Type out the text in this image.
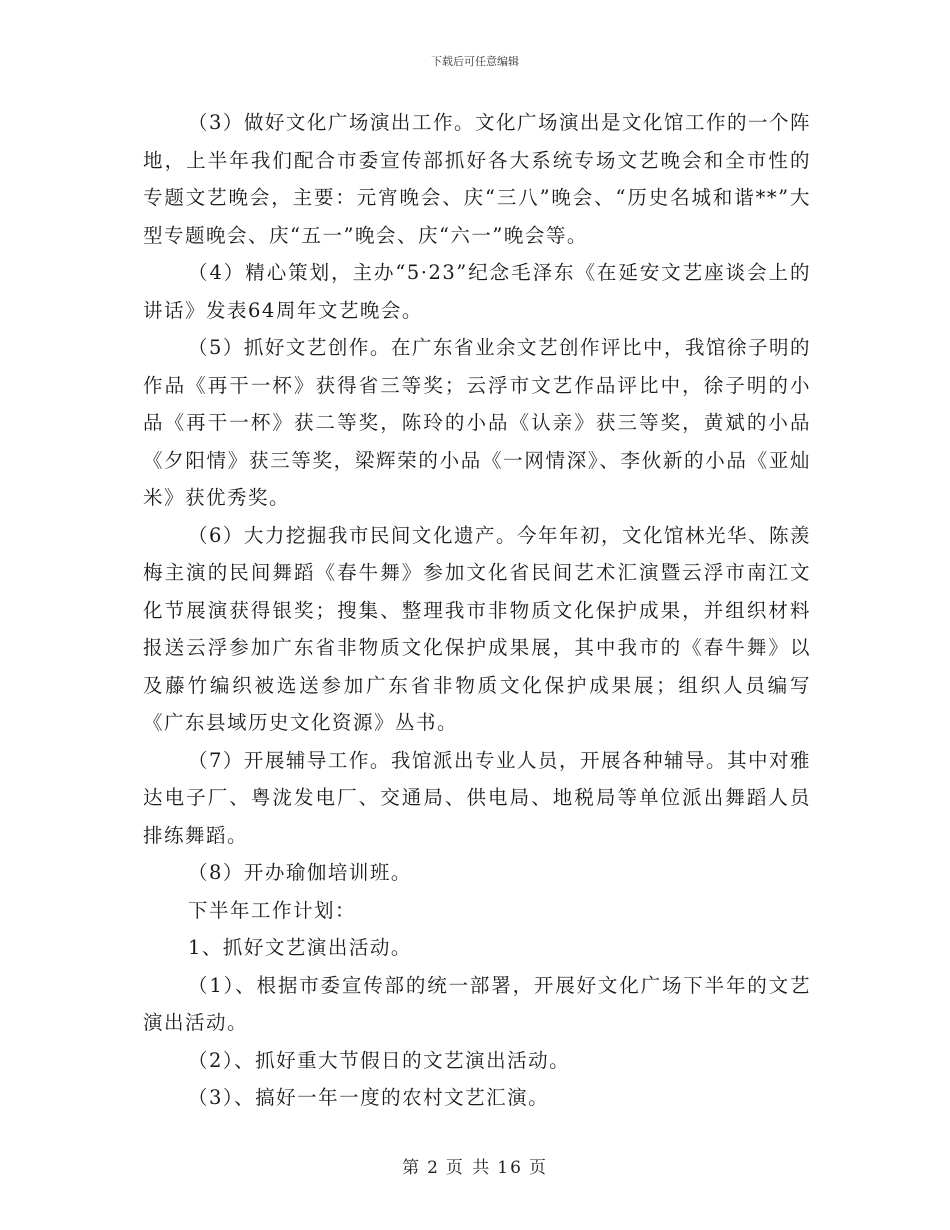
下载后可任意编辑

（3）做好文化广场演出工作。文化广场演出是文化馆工作的一个阵地，上半年我们配合市委宣传部抓好各大系统专场文艺晚会和全市性的专题文艺晚会，主要：元宵晚会、庆“三八”晚会、“历史名城和谐**”大型专题晚会、庆“五一”晚会、庆“六一”晚会等。

（4）精心策划，主办“5·23”纪念毛泽东《在延安文艺座谈会上的讲话》发表64周年文艺晚会。

（5）抓好文艺创作。在广东省业余文艺创作评比中，我馆徐子明的作品《再干一杯》获得省三等奖；云浮市文艺作品评比中，徐子明的小品《再干一杯》获二等奖，陈玲的小品《认亲》获三等奖，黄斌的小品《夕阳情》获三等奖，梁辉荣的小品《一网情深》、李伙新的小品《亚灿米》获优秀奖。

（6）大力挖掘我市民间文化遗产。今年年初，文化馆林光华、陈羡梅主演的民间舞蹈《春牛舞》参加文化省民间艺术汇演暨云浮市南江文化节展演获得银奖；搜集、整理我市非物质文化保护成果，并组织材料报送云浮参加广东省非物质文化保护成果展，其中我市的《春牛舞》以及藤竹编织被选送参加广东省非物质文化保护成果展；组织人员编写《广东县域历史文化资源》丛书。

（7）开展辅导工作。我馆派出专业人员，开展各种辅导。其中对雅达电子厂、粤泷发电厂、交通局、供电局、地税局等单位派出舞蹈人员排练舞蹈。

（8）开办瑜伽培训班。

下半年工作计划：

1、抓好文艺演出活动。

（1）、根据市委宣传部的统一部署，开展好文化广场下半年的文艺演出活动。

（2）、抓好重大节假日的文艺演出活动。

（3）、搞好一年一度的农村文艺汇演。

第 2 页 共 16 页
